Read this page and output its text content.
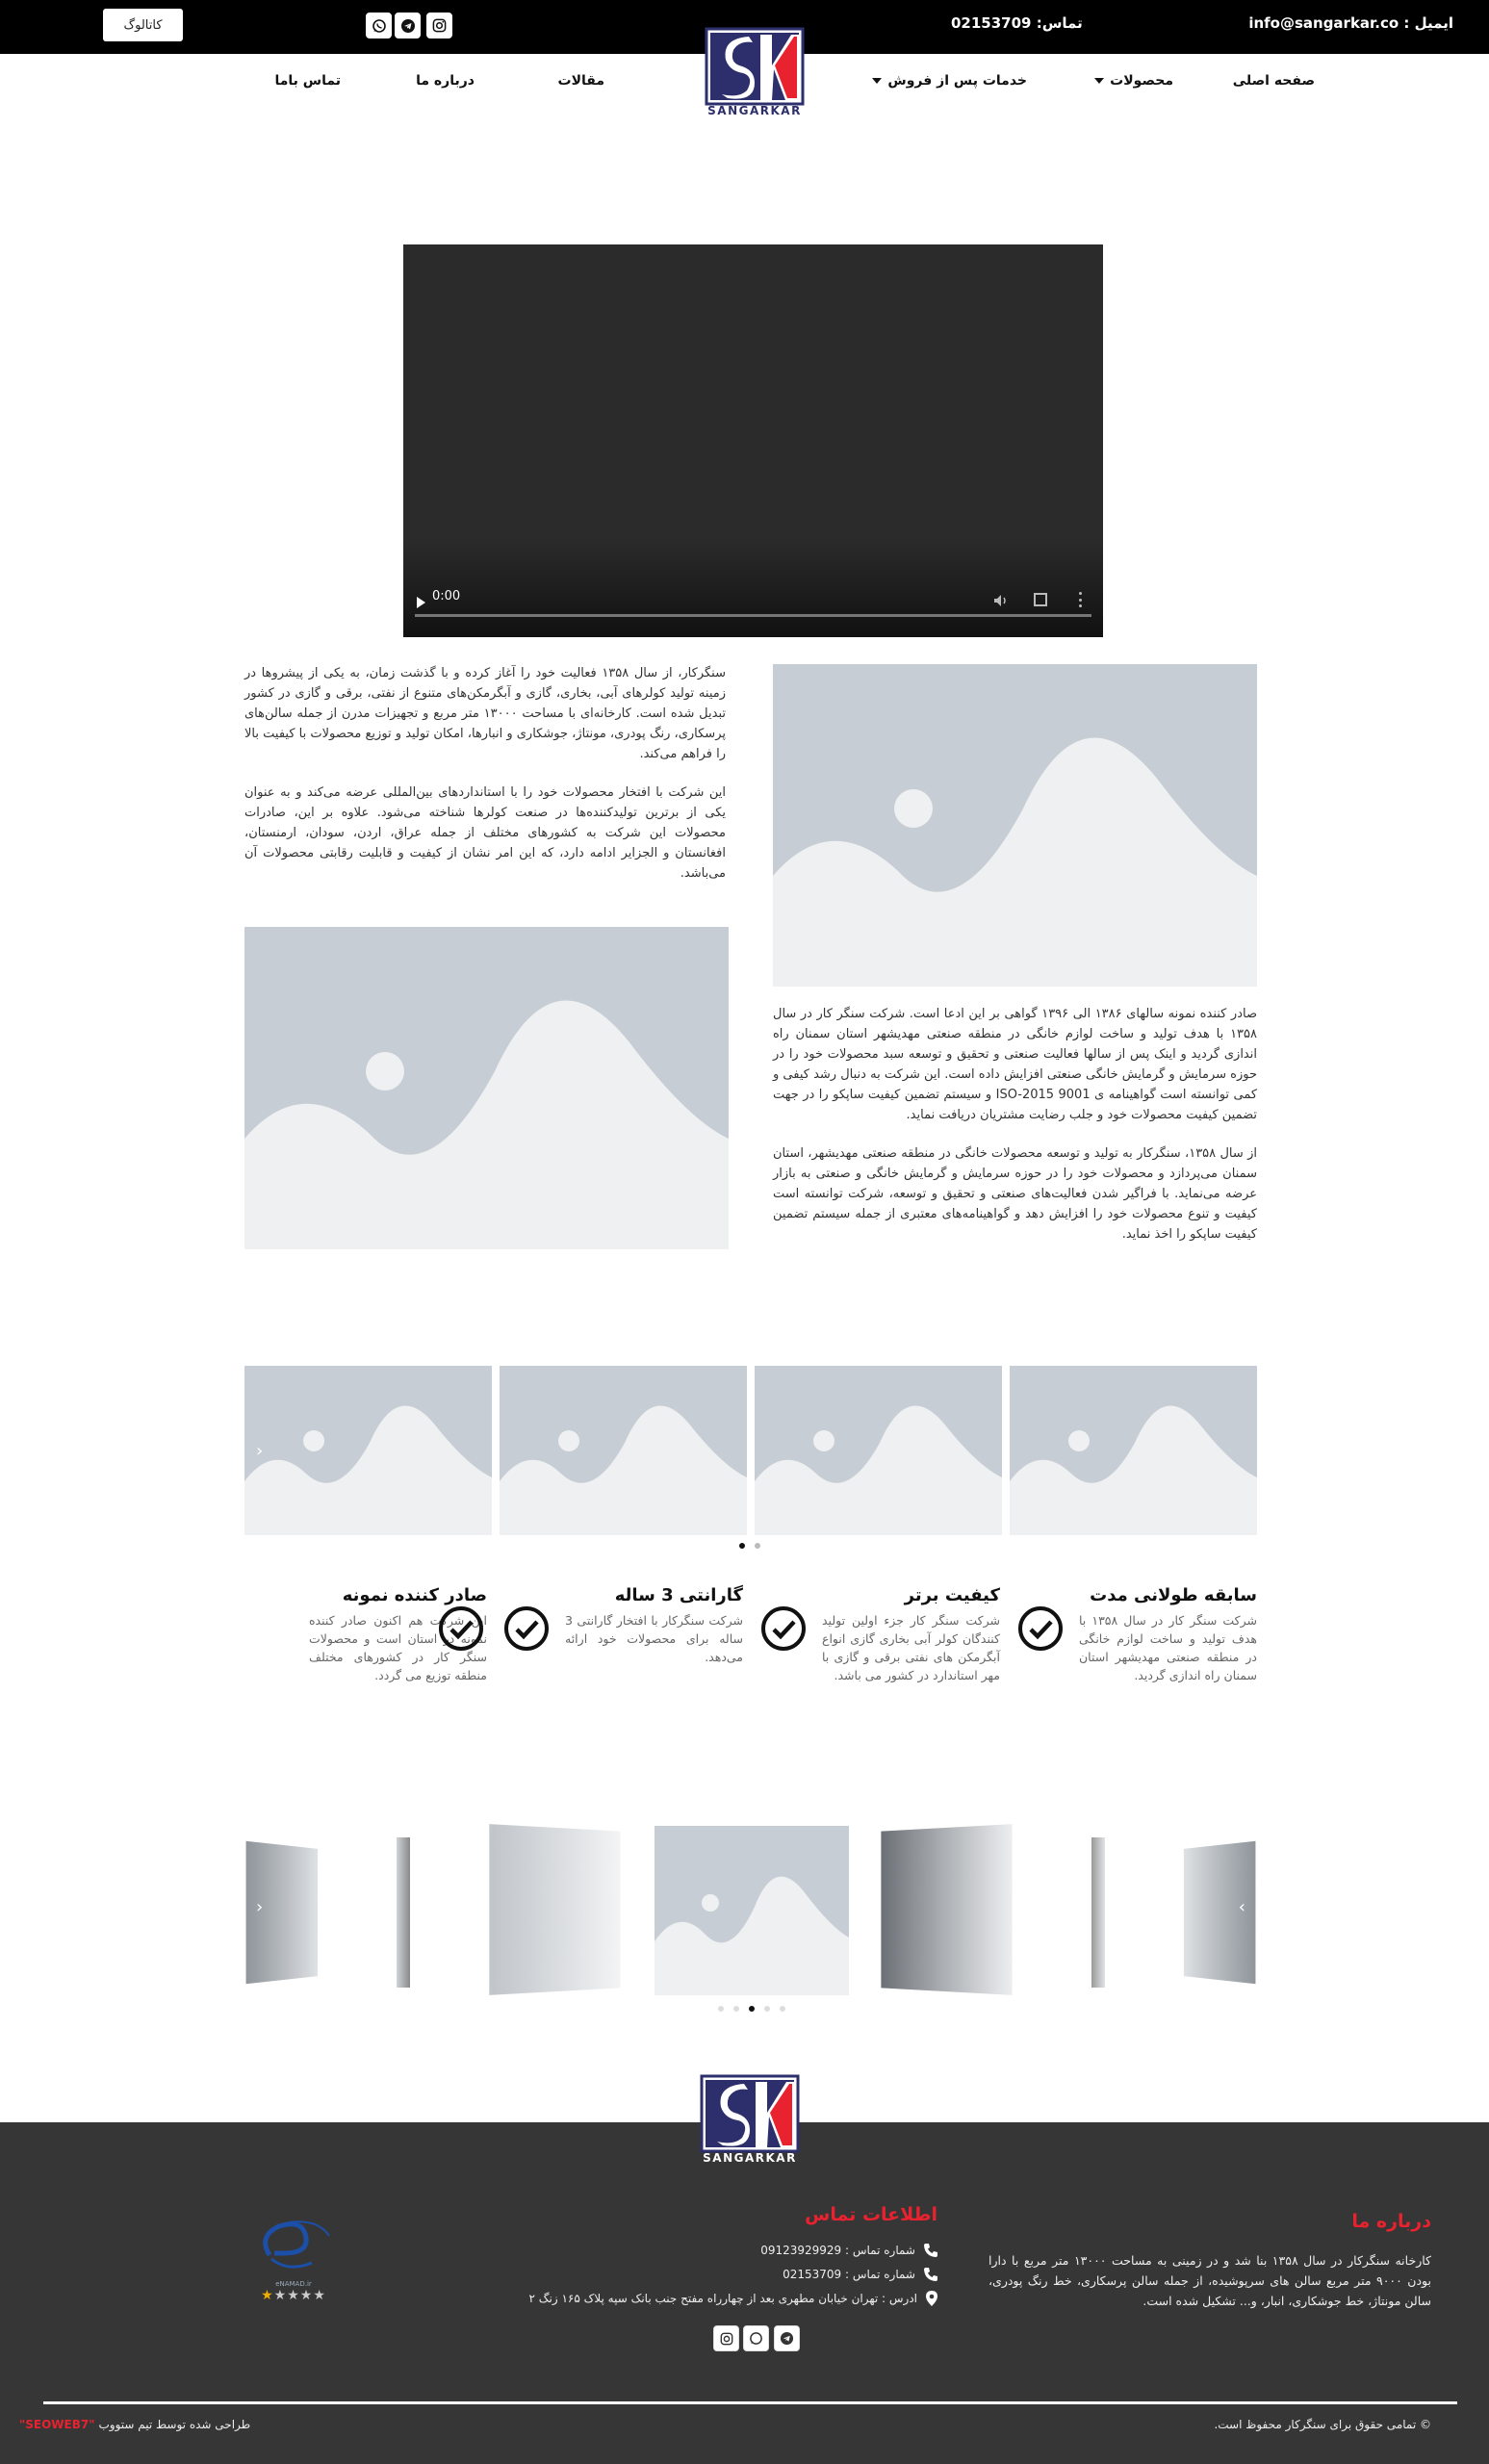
ایمیل : info@sangarkar.co
تماس: 02153709
کاتالوگ
صفحه اصلی
محصولات
خدمات پس از فروش
مقالات
درباره ما
تماس باما
SANGARKAR
0:00
سنگرکار، از سال ۱۳۵۸ فعالیت خود را آغاز کرده و با گذشت زمان، به یکی از پیشروها در زمینه تولید کولرهای آبی، بخاری، گازی و آبگرمکن‌های متنوع از نفتی، برقی و گازی در کشور تبدیل شده است. کارخانه‌ای با مساحت ۱۳۰۰۰ متر مربع و تجهیزات مدرن از جمله سالن‌های پرسکاری، رنگ پودری، مونتاژ، جوشکاری و انبارها، امکان تولید و توزیع محصولات با کیفیت بالا را فراهم می‌کند.
این شرکت با افتخار محصولات خود را با استانداردهای بین‌المللی عرضه می‌کند و به عنوان یکی از برترین تولیدکننده‌ها در صنعت کولرها شناخته می‌شود. علاوه بر این، صادرات محصولات این شرکت به کشورهای مختلف از جمله عراق، اردن، سودان، ارمنستان، افغانستان و الجزایر ادامه دارد، که این امر نشان از کیفیت و قابلیت رقابتی محصولات آن می‌باشد.
صادر کننده نمونه سالهای ۱۳۸۶ الی ۱۳۹۶ گواهی بر این ادعا است. شرکت سنگر کار در سال ۱۳۵۸ با هدف تولید و ساخت لوازم خانگی در منطقه صنعتی مهدیشهر استان سمنان راه اندازی گردید و اینک پس از سالها فعالیت صنعتی و تحقیق و توسعه سبد محصولات خود را در حوزه سرمایش و گرمایش خانگی صنعتی افزایش داده است. این شرکت به دنبال رشد کیفی و کمی توانسته است گواهینامه ی ISO-2015 9001 و سیستم تضمین کیفیت ساپکو را در جهت تضمین کیفیت محصولات خود و جلب رضایت مشتریان دریافت نماید.
از سال ۱۳۵۸، سنگرکار به تولید و توسعه محصولات خانگی در منطقه صنعتی مهدیشهر، استان سمنان می‌پردازد و محصولات خود را در حوزه سرمایش و گرمایش خانگی و صنعتی به بازار عرضه می‌نماید. با فراگیر شدن فعالیت‌های صنعتی و تحقیق و توسعه، شرکت توانسته است کیفیت و تنوع محصولات خود را افزایش دهد و گواهینامه‌های معتبری از جمله سیستم تضمین کیفیت ساپکو را اخذ نماید.
‹
سابقه طولانی مدت
شرکت سنگر کار در سال ۱۳۵۸ با هدف تولید و ساخت لوازم خانگی در منطقه صنعتی مهدیشهر استان سمنان راه اندازی گردید.
کیفیت برتر
شرکت سنگر کار جزء اولین تولید کنندگان کولر آبی بخاری گازی انواع آبگرمکن های نفتی برقی و گازی با مهر استاندارد در کشور می باشد.
گارانتی 3 ساله
شرکت سنگرکار با افتخار گارانتی 3 ساله برای محصولات خود ارائه می‌دهد.
صادر کننده نمونه
این شرکت هم اکنون صادر کننده نمونه در استان است و محصولات سنگر کار در کشورهای مختلف منطقه توزیع می گردد.
‹	›
درباره ما
کارخانه سنگرکار در سال ۱۳۵۸ بنا شد و در زمینی به مساحت ۱۳۰۰۰ متر مربع با دارا بودن ۹۰۰۰ متر مربع سالن های سرپوشیده، از جمله سالن پرسکاری، خط رنگ پودری، سالن مونتاژ، خط جوشکاری، انبار، و... تشکیل شده است.
اطلاعات تماس
شماره تماس : 09123929929
شماره تماس : 02153709
ادرس : تهران خیابان مطهری بعد از چهارراه مفتح جنب بانک سپه پلاک ۱۶۵ زنگ ۲
eNAMAD.ir
★★★★★
© تمامی حقوق برای سنگرکار محفوظ است.
طراحی شده توسط تیم ستووب
"SEOWEB7"
SANGARKAR
